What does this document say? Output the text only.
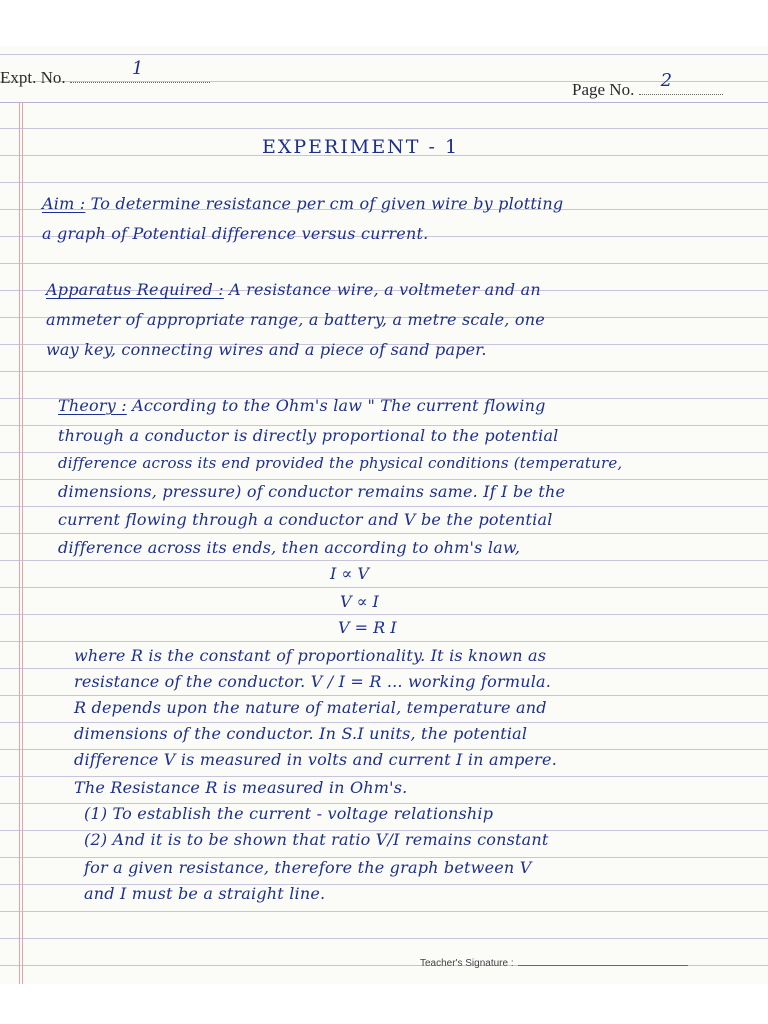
Expt. No.	1
Page No. 2
EXPERIMENT - 1
Aim : To determine resistance per cm of given wire by plotting
a graph of Potential difference versus current.
Apparatus Required : A resistance wire, a voltmeter and an
ammeter of appropriate range, a battery, a metre scale, one
way key, connecting wires and a piece of sand paper.
Theory : According to the Ohm's law " The current flowing
through a conductor is directly proportional to the potential
difference across its end provided the physical conditions (temperature,
dimensions, pressure) of conductor remains same. If I be the
current flowing through a conductor and V be the potential
difference across its ends, then according to ohm's law,
I ∝ V
V ∝ I
V = R I
where R is the constant of proportionality. It is known as
resistance of the conductor. V / I = R ... working formula.
R depends upon the nature of material, temperature and
dimensions of the conductor. In S.I units, the potential
difference V is measured in volts and current I in ampere.
The Resistance R is measured in Ohm's.
(1) To establish the current - voltage relationship
(2) And it is to be shown that ratio V/I remains constant
for a given resistance, therefore the graph between V
and I must be a straight line.
Teacher's Signature :
